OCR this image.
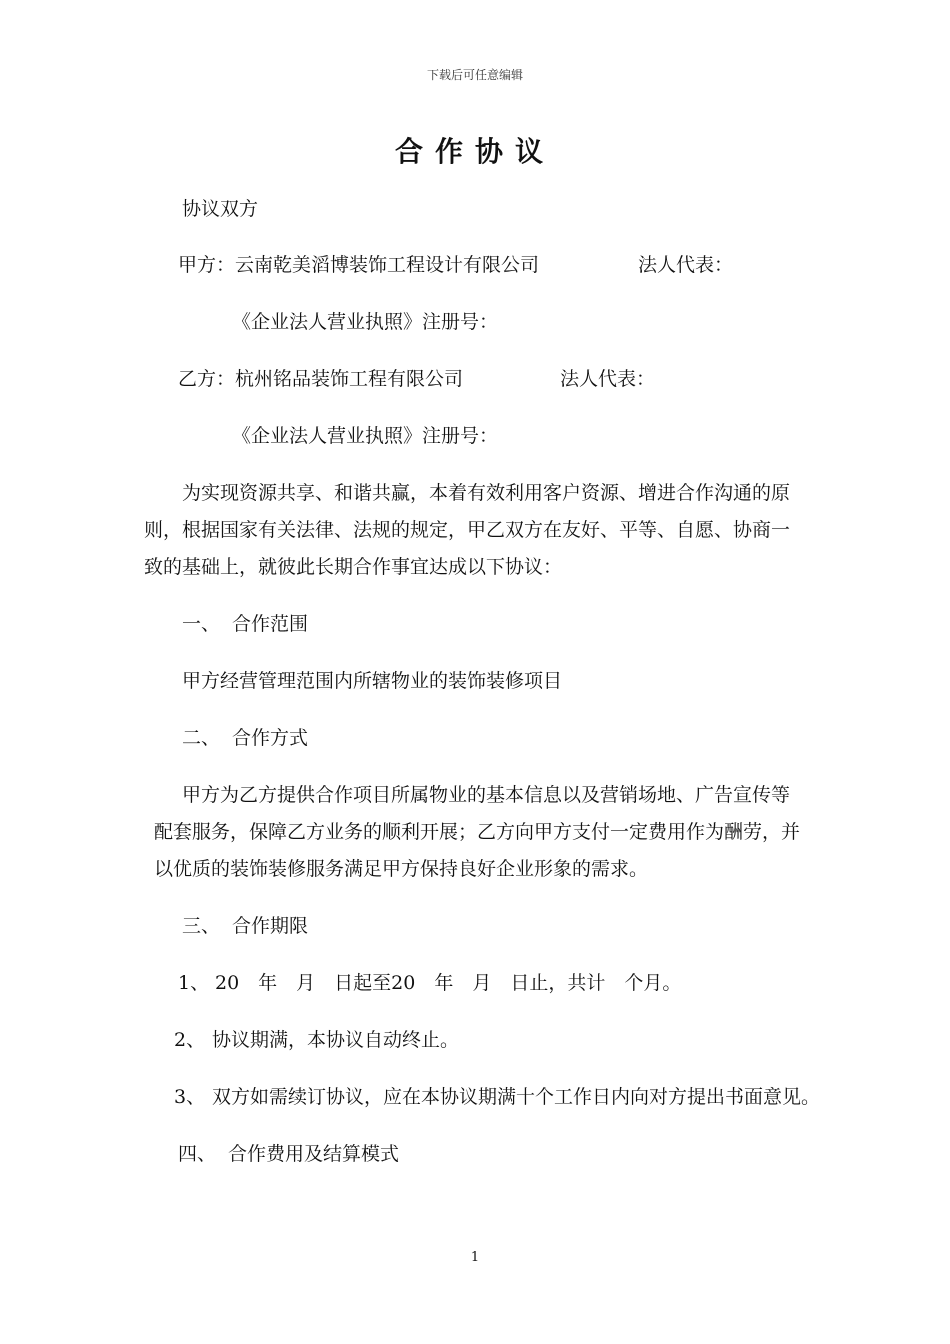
下载后可任意编辑
合作协议
协议双方
甲方：云南乾美滔博装饰工程设计有限公司	法人代表：
《企业法人营业执照》注册号：
乙方：杭州铭品装饰工程有限公司	法人代表：
《企业法人营业执照》注册号：
为实现资源共享、和谐共赢，本着有效利用客户资源、增进合作沟通的原
则，根据国家有关法律、法规的规定，甲乙双方在友好、平等、自愿、协商一
致的基础上，就彼此长期合作事宜达成以下协议：
一、 合作范围
甲方经营管理范围内所辖物业的装饰装修项目
二、 合作方式
甲方为乙方提供合作项目所属物业的基本信息以及营销场地、广告宣传等
配套服务，保障乙方业务的顺利开展；乙方向甲方支付一定费用作为酬劳，并
以优质的装饰装修服务满足甲方保持良好企业形象的需求。
三、 合作期限
1、 20　年　月　日起至20　年　月　日止，共计　个月。
2、 协议期满，本协议自动终止。
3、 双方如需续订协议，应在本协议期满十个工作日内向对方提出书面意见。
四、 合作费用及结算模式
1
